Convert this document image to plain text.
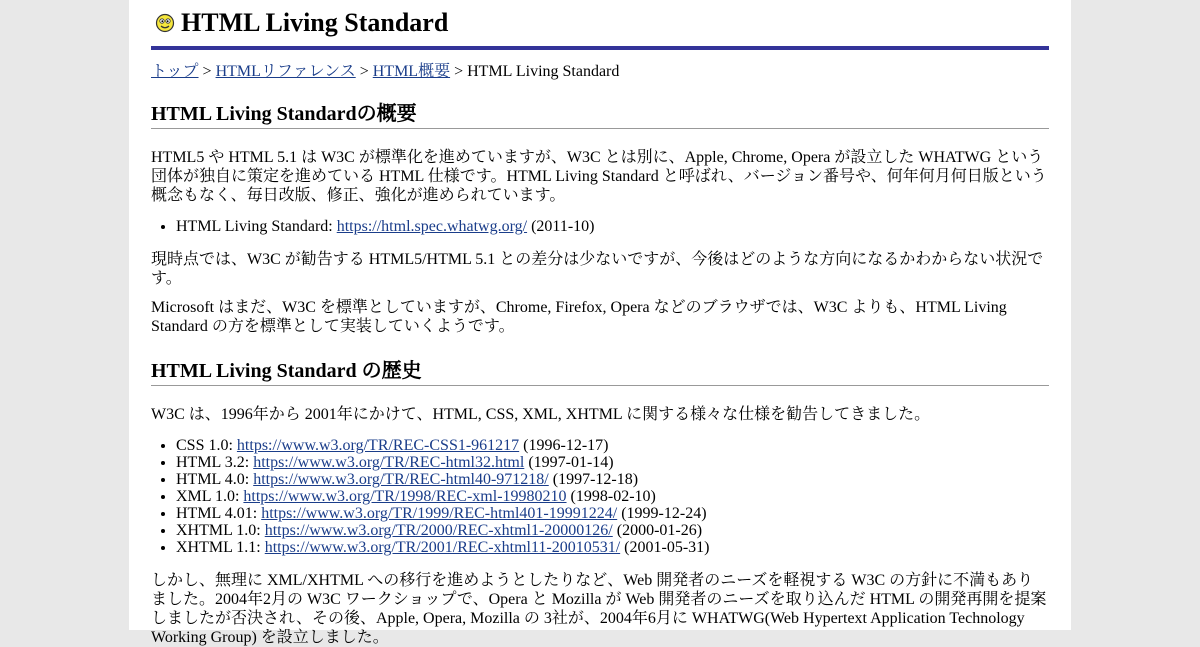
HTML Living Standard
トップ > HTMLリファレンス > HTML概要 > HTML Living Standard
HTML Living Standardの概要

HTML5 や HTML 5.1 は W3C が標準化を進めていますが、W3C とは別に、Apple, Chrome, Opera が設立した WHATWG という団体が独自に策定を進めている HTML 仕様です。HTML Living Standard と呼ばれ、バージョン番号や、何年何月何日版という概念もなく、毎日改版、修正、強化が進められています。

• HTML Living Standard: https://html.spec.whatwg.org/ (2011-10)

現時点では、W3C が勧告する HTML5/HTML 5.1 との差分は少ないですが、今後はどのような方向になるかわからない状況です。

Microsoft はまだ、W3C を標準としていますが、Chrome, Firefox, Opera などのブラウザでは、W3C よりも、HTML Living Standard の方を標準として実装していくようです。

HTML Living Standard の歴史

W3C は、1996年から 2001年にかけて、HTML, CSS, XML, XHTML に関する様々な仕様を勧告してきました。

• CSS 1.0: https://www.w3.org/TR/REC-CSS1-961217 (1996-12-17)
• HTML 3.2: https://www.w3.org/TR/REC-html32.html (1997-01-14)
• HTML 4.0: https://www.w3.org/TR/REC-html40-971218/ (1997-12-18)
• XML 1.0: https://www.w3.org/TR/1998/REC-xml-19980210 (1998-02-10)
• HTML 4.01: https://www.w3.org/TR/1999/REC-html401-19991224/ (1999-12-24)
• XHTML 1.0: https://www.w3.org/TR/2000/REC-xhtml1-20000126/ (2000-01-26)
• XHTML 1.1: https://www.w3.org/TR/2001/REC-xhtml11-20010531/ (2001-05-31)

しかし、無理に XML/XHTML への移行を進めようとしたりなど、Web 開発者のニーズを軽視する W3C の方針に不満もありました。2004年2月の W3C ワークショップで、Opera と Mozilla が Web 開発者のニーズを取り込んだ HTML の開発再開を提案しましたが否決され、その後、Apple, Opera, Mozilla の 3社が、2004年6月に WHATWG(Web Hypertext Application Technology Working Group) を設立しました。
